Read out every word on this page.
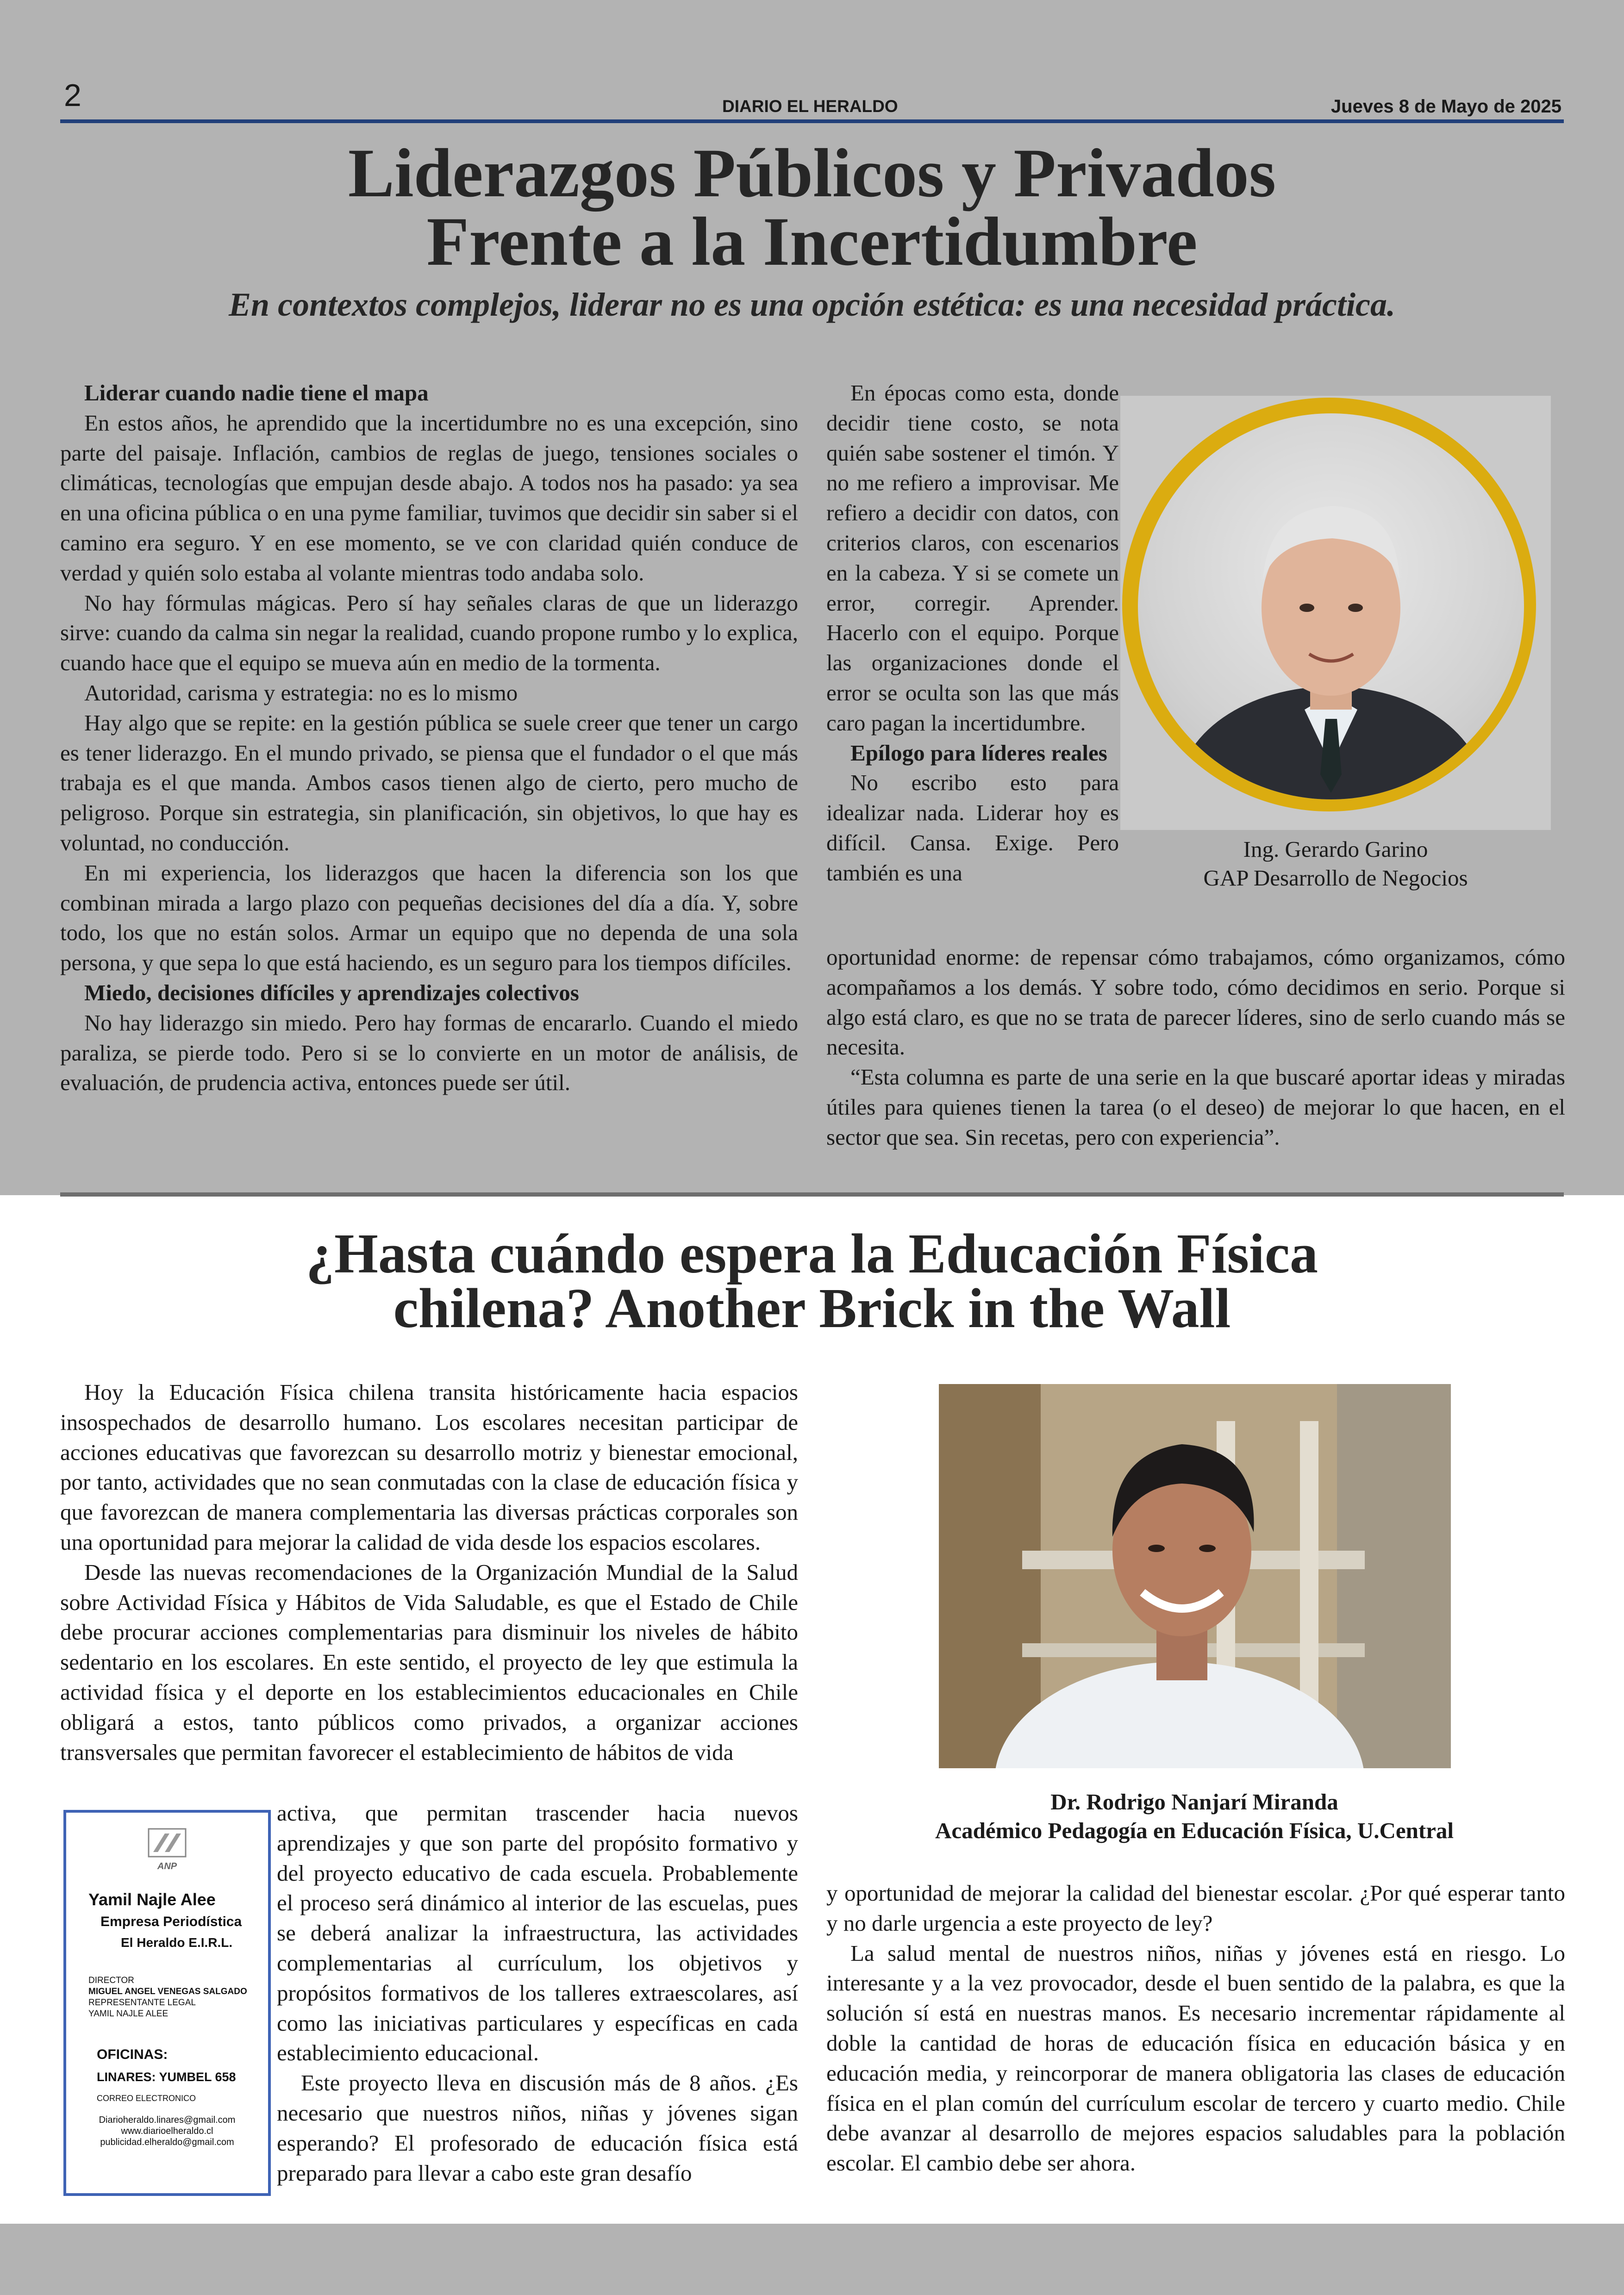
2	DIARIO EL HERALDO	Jueves 8 de Mayo de 2025
Liderazgos Públicos y Privados
Frente a la Incertidumbre
En contextos complejos, liderar no es una opción estética: es una necesidad práctica.

Liderar cuando nadie tiene el mapa

En estos años, he aprendido que la incertidumbre no es una excepción, sino parte del paisaje. Inflación, cambios de reglas de juego, tensiones sociales o climáticas, tecnologías que empujan desde abajo. A todos nos ha pasado: ya sea en una oficina pública o en una pyme familiar, tuvimos que decidir sin saber si el camino era seguro. Y en ese momento, se ve con claridad quién conduce de verdad y quién solo estaba al volante mientras todo andaba solo.

No hay fórmulas mágicas. Pero sí hay señales claras de que un liderazgo sirve: cuando da calma sin negar la realidad, cuando propone rumbo y lo explica, cuando hace que el equipo se mueva aún en medio de la tormenta.

Autoridad, carisma y estrategia: no es lo mismo

Hay algo que se repite: en la gestión pública se suele creer que tener un cargo es tener liderazgo. En el mundo privado, se piensa que el fundador o el que más trabaja es el que manda. Ambos casos tienen algo de cierto, pero mucho de peligroso. Porque sin estrategia, sin planificación, sin objetivos, lo que hay es voluntad, no conducción.

En mi experiencia, los liderazgos que hacen la diferencia son los que combinan mirada a largo plazo con pequeñas decisiones del día a día. Y, sobre todo, los que no están solos. Armar un equipo que no dependa de una sola persona, y que sepa lo que está haciendo, es un seguro para los tiempos difíciles.

Miedo, decisiones difíciles y aprendizajes colectivos

No hay liderazgo sin miedo. Pero hay formas de encararlo. Cuando el miedo paraliza, se pierde todo. Pero si se lo convierte en un motor de análisis, de evaluación, de prudencia activa, entonces puede ser útil.

En épocas como esta, donde decidir tiene costo, se nota quién sabe sostener el timón. Y no me refiero a improvisar. Me refiero a decidir con datos, con criterios claros, con escenarios en la cabeza. Y si se comete un error, corregir. Aprender. Hacerlo con el equipo. Porque las organizaciones donde el error se oculta son las que más caro pagan la incertidumbre.

Epílogo para líderes reales

No escribo esto para idealizar nada. Liderar hoy es difícil. Cansa. Exige. Pero también es una

Ing. Gerardo Garino
GAP Desarrollo de Negocios

oportunidad enorme: de repensar cómo trabajamos, cómo organizamos, cómo acompañamos a los demás. Y sobre todo, cómo decidimos en serio. Porque si algo está claro, es que no se trata de parecer líderes, sino de serlo cuando más se necesita.

“Esta columna es parte de una serie en la que buscaré aportar ideas y miradas útiles para quienes tienen la tarea (o el deseo) de mejorar lo que hacen, en el sector que sea. Sin recetas, pero con experiencia”.

¿Hasta cuándo espera la Educación Física
chilena? Another Brick in the Wall

Hoy la Educación Física chilena transita históricamente hacia espacios insospechados de desarrollo humano. Los escolares necesitan participar de acciones educativas que favorezcan su desarrollo motriz y bienestar emocional, por tanto, actividades que no sean conmutadas con la clase de educación física y que favorezcan de manera complementaria las diversas prácticas corporales son una oportunidad para mejorar la calidad de vida desde los espacios escolares.

Desde las nuevas recomendaciones de la Organización Mundial de la Salud sobre Actividad Física y Hábitos de Vida Saludable, es que el Estado de Chile debe procurar acciones complementarias para disminuir los niveles de hábito sedentario en los escolares. En este sentido, el proyecto de ley que estimula la actividad física y el deporte en los establecimientos educacionales en Chile obligará a estos, tanto públicos como privados, a organizar acciones transversales que permitan favorecer el establecimiento de hábitos de vida

activa, que permitan trascender hacia nuevos aprendizajes y que son parte del propósito formativo y del proyecto educativo de cada escuela. Probablemente el proceso será dinámico al interior de las escuelas, pues se deberá analizar la infraestructura, las actividades complementarias al currículum, los objetivos y propósitos formativos de los talleres extraescolares, así como las iniciativas particulares y específicas en cada establecimiento educacional.

Este proyecto lleva en discusión más de 8 años. ¿Es necesario que nuestros niños, niñas y jóvenes sigan esperando? El profesorado de educación física está preparado para llevar a cabo este gran desafío

Dr. Rodrigo Nanjarí Miranda
Académico Pedagogía en Educación Física, U.Central

y oportunidad de mejorar la calidad del bienestar escolar. ¿Por qué esperar tanto y no darle urgencia a este proyecto de ley?

La salud mental de nuestros niños, niñas y jóvenes está en riesgo. Lo interesante y a la vez provocador, desde el buen sentido de la palabra, es que la solución sí está en nuestras manos. Es necesario incrementar rápidamente al doble la cantidad de horas de educación física en educación básica y en educación media, y reincorporar de manera obligatoria las clases de educación física en el plan común del currículum escolar de tercero y cuarto medio. Chile debe avanzar al desarrollo de mejores espacios saludables para la población escolar. El cambio debe ser ahora.

ANP
Yamil Najle Alee
Empresa Periodística
El Heraldo E.I.R.L.
DIRECTOR
MIGUEL ANGEL VENEGAS SALGADO
REPRESENTANTE LEGAL
YAMIL NAJLE ALEE
OFICINAS:
LINARES: YUMBEL 658
CORREO ELECTRONICO
Diarioheraldo.linares@gmail.com
www.diarioelheraldo.cl
publicidad.elheraldo@gmail.com
